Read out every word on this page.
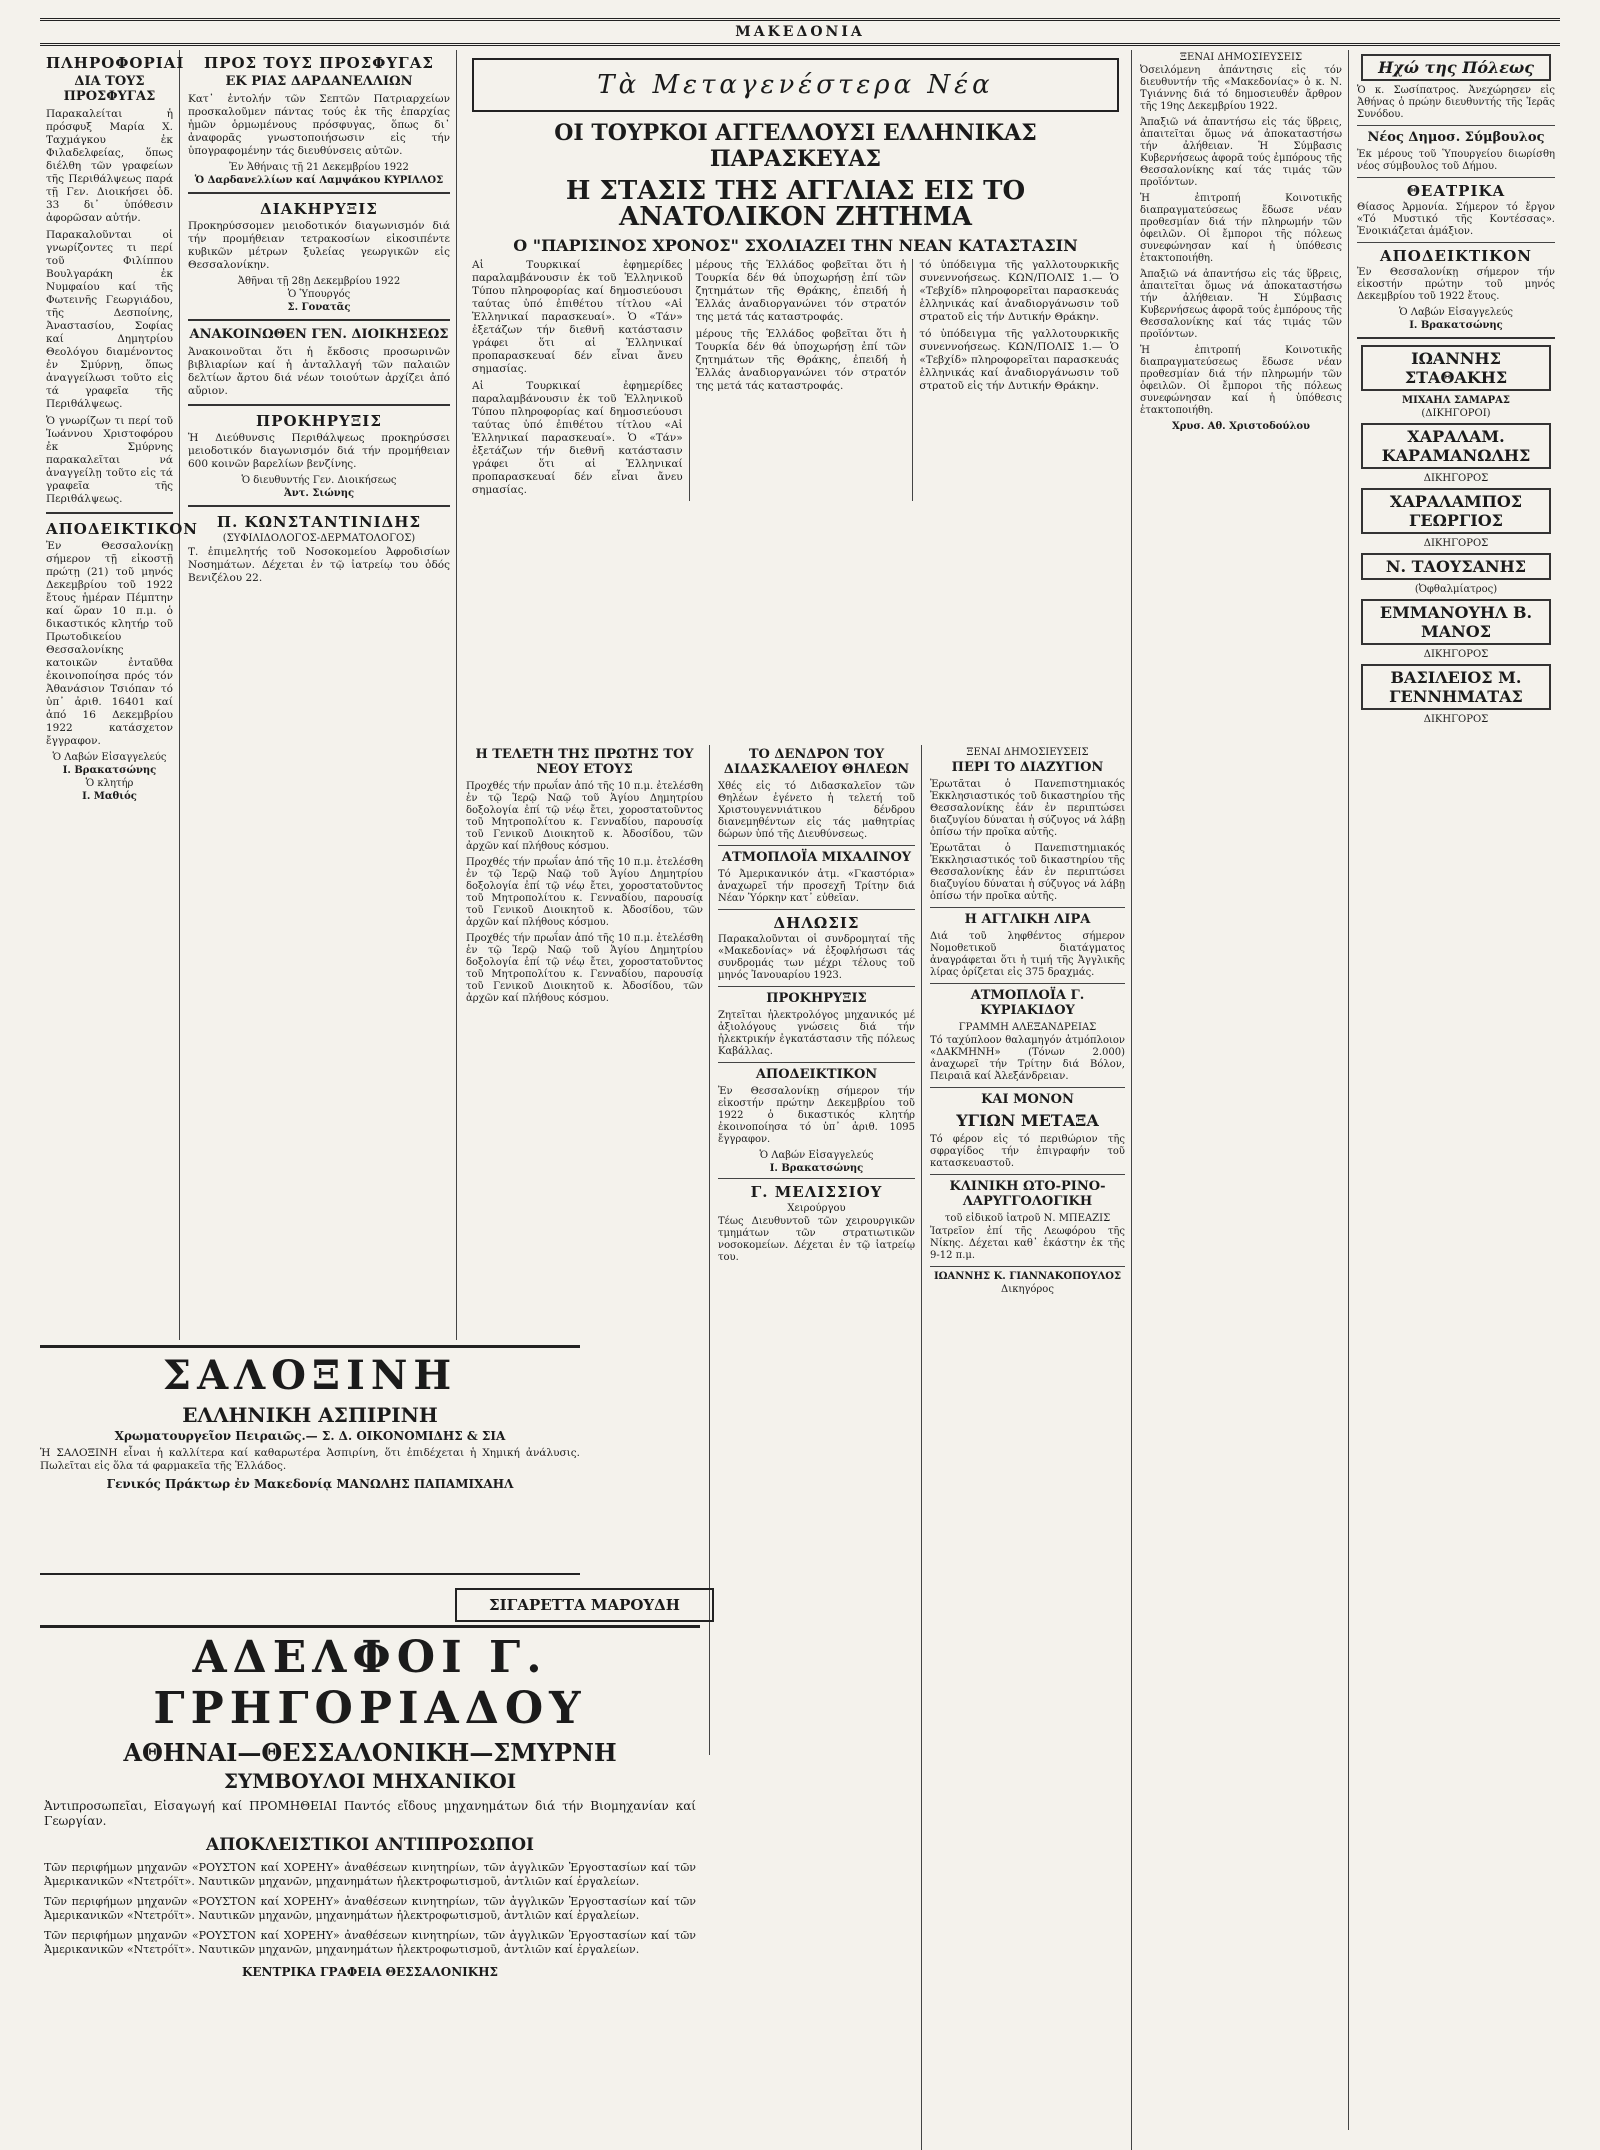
ΜΑΚΕΔΟΝΙΑ
ΠΛΗΡΟΦΟΡΙΑΙ
ΔΙΑ ΤΟΥΣ ΠΡΟΣΦΥΓΑΣ

Παρακαλείται ἡ πρόσφυξ Μαρία Χ. Ταχμάγκου ἐκ Φιλαδελφείας, ὅπως διέλθη τῶν γραφείων τῆς Περιθάλψεως παρά τῇ Γεν. Διοικήσει ὁδ. 33 δι᾽ ὑπόθεσιν ἀφορῶσαν αὐτήν.

Παρακαλοῦνται οἱ γνωρίζοντες τι περί τοῦ Φιλίππου Βουλγαράκη ἐκ Νυμφαίου καί τῆς Φωτεινῆς Γεωργιάδου, τῆς Δεσποίνης, Ἀναστασίου, Σοφίας καί Δημητρίου Θεολόγου διαμένοντος ἐν Σμύρνῃ, ὅπως ἀναγγείλωσι τοῦτο εἰς τά γραφεῖα τῆς Περιθάλψεως.

Ὁ γνωρίζων τι περί τοῦ Ἰωάννου Χριστοφόρου ἐκ Σμύρνης παρακαλεῖται νά ἀναγγείλῃ τοῦτο εἰς τά γραφεῖα τῆς Περιθάλψεως.

ΑΠΟΔΕΙΚΤΙΚΟΝ

Ἐν Θεσσαλονίκῃ σήμερον τῇ εἰκοστῇ πρώτῃ (21) τοῦ μηνός Δεκεμβρίου τοῦ 1922 ἔτους ἡμέραν Πέμπτην καί ὥραν 10 π.μ. ὁ δικαστικός κλητήρ τοῦ Πρωτοδικείου Θεσσαλονίκης κατοικῶν ἐνταῦθα ἐκοινοποίησα πρός τόν Ἀθανάσιον Τσιόπαν τό ὑπ᾽ ἀριθ. 16401 καί ἀπό 16 Δεκεμβρίου 1922 κατάσχετον ἔγγραφον.

Ὁ Λαβών Εἰσαγγελεύς
Ι. Βρακατσώνης
Ὁ κλητήρ
Ι. Μαθιός
ΠΡΟΣ ΤΟΥΣ ΠΡΟΣΦΥΓΑΣ
ΕΚ ΡΙΑΣ ΔΑΡΔΑΝΕΛΛΙΩΝ

Κατ᾽ ἐντολήν τῶν Σεπτῶν Πατριαρχείων προσκαλοῦμεν πάντας τούς ἐκ τῆς ἐπαρχίας ἡμῶν ὁρμωμένους πρόσφυγας, ὅπως δι᾽ ἀναφορᾶς γνωστοποιήσωσιν εἰς τήν ὑπογραφομένην τάς διευθύνσεις αὐτῶν.

Ἐν Ἀθήναις τῇ 21 Δεκεμβρίου 1922
Ὁ Δαρδανελλίων καί Λαμψάκου ΚΥΡΙΛΛΟΣ
ΔΙΑΚΗΡΥΞΙΣ

Προκηρύσσομεν μειοδοτικόν διαγωνισμόν διά τήν προμήθειαν τετρακοσίων εἰκοσιπέντε κυβικῶν μέτρων ξυλείας γεωργικῶν εἰς Θεσσαλονίκην.

Ἀθῆναι τῇ 28ῃ Δεκεμβρίου 1922
Ὁ Ὑπουργός
Σ. Γονατᾶς
ΑΝΑΚΟΙΝΩΘΕΝ ΓΕΝ. ΔΙΟΙΚΗΣΕΩΣ

Ἀνακοινοῦται ὅτι ἡ ἔκδοσις προσωρινῶν βιβλιαρίων καί ἡ ἀνταλλαγή τῶν παλαιῶν δελτίων ἄρτου διά νέων τοιούτων ἀρχίζει ἀπό αὔριον.

ΠΡΟΚΗΡΥΞΙΣ

Ἡ Διεύθυνσις Περιθάλψεως προκηρύσσει μειοδοτικόν διαγωνισμόν διά τήν προμήθειαν 600 κοινῶν βαρελίων βενζίνης.

Ὁ διευθυντής Γεν. Διοικήσεως
Ἀντ. Σιώνης
Π. ΚΩΝΣΤΑΝΤΙΝΙΔΗΣ
(ΣΥΦΙΛΙΔΟΛΟΓΟΣ-ΔΕΡΜΑΤΟΛΟΓΟΣ)

Τ. ἐπιμελητής τοῦ Νοσοκομείου Ἀφροδισίων Νοσημάτων. Δέχεται ἐν τῷ ἰατρείῳ του ὁδός Βενιζέλου 22.

Τὰ Μεταγενέστερα Νέα
ΟΙ ΤΟΥΡΚΟΙ ΑΓΓΕΛΛΟΥΣΙ ΕΛΛΗΝΙΚΑΣ ΠΑΡΑΣΚΕΥΑΣ
Η ΣΤΑΣΙΣ ΤΗΣ ΑΓΓΛΙΑΣ ΕΙΣ ΤΟ ΑΝΑΤΟΛΙΚΟΝ ΖΗΤΗΜΑ
Ο "ΠΑΡΙΣΙΝΟΣ ΧΡΟΝΟΣ" ΣΧΟΛΙΑΖΕΙ ΤΗΝ ΝΕΑΝ ΚΑΤΑΣΤΑΣΙΝ

Αἱ Τουρκικαί ἐφημερίδες παραλαμβάνουσιν ἐκ τοῦ Ἑλληνικοῦ Τύπου πληροφορίας καί δημοσιεύουσι ταύτας ὑπό ἐπιθέτου τίτλου «Αἱ Ἑλληνικαί παρασκευαί». Ὁ «Τάν» ἐξετάζων τήν διεθνῆ κατάστασιν γράφει ὅτι αἱ Ἑλληνικαί προπαρασκευαί δέν εἶναι ἄνευ σημασίας.

Αἱ Τουρκικαί ἐφημερίδες παραλαμβάνουσιν ἐκ τοῦ Ἑλληνικοῦ Τύπου πληροφορίας καί δημοσιεύουσι ταύτας ὑπό ἐπιθέτου τίτλου «Αἱ Ἑλληνικαί παρασκευαί». Ὁ «Τάν» ἐξετάζων τήν διεθνῆ κατάστασιν γράφει ὅτι αἱ Ἑλληνικαί προπαρασκευαί δέν εἶναι ἄνευ σημασίας.

μέρους τῆς Ἑλλάδος φοβεῖται ὅτι ἡ Τουρκία δέν θά ὑποχωρήσῃ ἐπί τῶν ζητημάτων τῆς Θράκης, ἐπειδή ἡ Ἑλλάς ἀναδιοργανώνει τόν στρατόν της μετά τάς καταστροφάς.

μέρους τῆς Ἑλλάδος φοβεῖται ὅτι ἡ Τουρκία δέν θά ὑποχωρήσῃ ἐπί τῶν ζητημάτων τῆς Θράκης, ἐπειδή ἡ Ἑλλάς ἀναδιοργανώνει τόν στρατόν της μετά τάς καταστροφάς.

τό ὑπόδειγμα τῆς γαλλοτουρκικῆς συνεννοήσεως. ΚΩΝ/ΠΟΛΙΣ 1.— Ὁ «Τεβχίδ» πληροφορεῖται παρασκευάς ἑλληνικάς καί ἀναδιοργάνωσιν τοῦ στρατοῦ εἰς τήν Δυτικήν Θράκην.

τό ὑπόδειγμα τῆς γαλλοτουρκικῆς συνεννοήσεως. ΚΩΝ/ΠΟΛΙΣ 1.— Ὁ «Τεβχίδ» πληροφορεῖται παρασκευάς ἑλληνικάς καί ἀναδιοργάνωσιν τοῦ στρατοῦ εἰς τήν Δυτικήν Θράκην.

Η ΤΕΛΕΤΗ ΤΗΣ ΠΡΩΤΗΣ ΤΟΥ ΝΕΟΥ ΕΤΟΥΣ

Προχθές τήν πρωΐαν ἀπό τῆς 10 π.μ. ἐτελέσθη ἐν τῷ Ἱερῷ Ναῷ τοῦ Ἁγίου Δημητρίου δοξολογία ἐπί τῷ νέῳ ἔτει, χοροστατοῦντος τοῦ Μητροπολίτου κ. Γενναδίου, παρουσίᾳ τοῦ Γενικοῦ Διοικητοῦ κ. Ἀδοσίδου, τῶν ἀρχῶν καί πλήθους κόσμου.

Προχθές τήν πρωΐαν ἀπό τῆς 10 π.μ. ἐτελέσθη ἐν τῷ Ἱερῷ Ναῷ τοῦ Ἁγίου Δημητρίου δοξολογία ἐπί τῷ νέῳ ἔτει, χοροστατοῦντος τοῦ Μητροπολίτου κ. Γενναδίου, παρουσίᾳ τοῦ Γενικοῦ Διοικητοῦ κ. Ἀδοσίδου, τῶν ἀρχῶν καί πλήθους κόσμου.

Προχθές τήν πρωΐαν ἀπό τῆς 10 π.μ. ἐτελέσθη ἐν τῷ Ἱερῷ Ναῷ τοῦ Ἁγίου Δημητρίου δοξολογία ἐπί τῷ νέῳ ἔτει, χοροστατοῦντος τοῦ Μητροπολίτου κ. Γενναδίου, παρουσίᾳ τοῦ Γενικοῦ Διοικητοῦ κ. Ἀδοσίδου, τῶν ἀρχῶν καί πλήθους κόσμου.

ΤΟ ΔΕΝΔΡΟΝ ΤΟΥ ΔΙΔΑΣΚΑΛΕΙΟΥ ΘΗΛΕΩΝ

Χθές εἰς τό Διδασκαλεῖον τῶν Θηλέων ἐγένετο ἡ τελετή τοῦ Χριστουγεννιάτικου δένδρου διανεμηθέντων εἰς τάς μαθητρίας δώρων ὑπό τῆς Διευθύνσεως.

ΑΤΜΟΠΛΟΪΑ ΜΙΧΑΛΙΝΟΥ

Τό Ἀμερικανικόν ἀτμ. «Γκαστόρια» ἀναχωρεῖ τήν προσεχῆ Τρίτην διά Νέαν Ὑόρκην κατ᾽ εὐθεῖαν.

ΔΗΛΩΣΙΣ

Παρακαλοῦνται οἱ συνδρομηταί τῆς «Μακεδονίας» νά ἐξοφλήσωσι τάς συνδρομάς των μέχρι τέλους τοῦ μηνός Ἰανουαρίου 1923.

ΠΡΟΚΗΡΥΞΙΣ

Ζητεῖται ἠλεκτρολόγος μηχανικός μέ ἀξιολόγους γνώσεις διά τήν ἠλεκτρικήν ἐγκατάστασιν τῆς πόλεως Καβάλλας.

ΑΠΟΔΕΙΚΤΙΚΟΝ

Ἐν Θεσσαλονίκῃ σήμερον τήν εἰκοστήν πρώτην Δεκεμβρίου τοῦ 1922 ὁ δικαστικός κλητήρ ἐκοινοποίησα τό ὑπ᾽ ἀριθ. 1095 ἔγγραφον.

Ὁ Λαβών Εἰσαγγελεύς
Ι. Βρακατσώνης
Γ. ΜΕΛΙΣΣΙΟΥ
Χειρούργου

Τέως Διευθυντοῦ τῶν χειρουργικῶν τμημάτων τῶν στρατιωτικῶν νοσοκομείων. Δέχεται ἐν τῷ ἰατρείῳ του.

ΞΕΝΑΙ ΔΗΜΟΣΙΕΥΣΕΙΣ
ΠΕΡΙ ΤΟ ΔΙΑΖΥΓΙΟΝ

Ἐρωτᾶται ὁ Πανεπιστημιακός Ἐκκλησιαστικός τοῦ δικαστηρίου τῆς Θεσσαλονίκης ἐάν ἐν περιπτώσει διαζυγίου δύναται ἡ σύζυγος νά λάβῃ ὀπίσω τήν προῖκα αὐτῆς.

Ἐρωτᾶται ὁ Πανεπιστημιακός Ἐκκλησιαστικός τοῦ δικαστηρίου τῆς Θεσσαλονίκης ἐάν ἐν περιπτώσει διαζυγίου δύναται ἡ σύζυγος νά λάβῃ ὀπίσω τήν προῖκα αὐτῆς.

Η ΑΓΓΛΙΚΗ ΛΙΡΑ

Διά τοῦ ληφθέντος σήμερον Νομοθετικοῦ διατάγματος ἀναγράφεται ὅτι ἡ τιμή τῆς Ἀγγλικῆς λίρας ὁρίζεται εἰς 375 δραχμάς.

ΑΤΜΟΠΛΟΪΑ Γ. ΚΥΡΙΑΚΙΔΟΥ
ΓΡΑΜΜΗ ΑΛΕΞΑΝΔΡΕΙΑΣ

Τό ταχύπλοον θαλαμηγόν ἀτμόπλοιον «ΔΑΚΜΗΝΗ» (Τόνων 2.000) ἀναχωρεῖ τήν Τρίτην διά Βόλον, Πειραιᾶ καί Ἀλεξάνδρειαν.

ΚΑΙ ΜΟΝΟΝ
ΥΓΙΩΝ ΜΕΤΑΞΑ

Τό φέρον εἰς τό περιθώριον τῆς σφραγίδος τήν ἐπιγραφήν τοῦ κατασκευαστοῦ.

ΚΛΙΝΙΚΗ ΩΤΟ-ΡΙΝΟ-ΛΑΡΥΓΓΟΛΟΓΙΚΗ
τοῦ εἰδικοῦ ἰατροῦ Ν. ΜΠΕΑΖΙΣ

Ἰατρεῖον ἐπί τῆς Λεωφόρου τῆς Νίκης. Δέχεται καθ᾽ ἑκάστην ἐκ τῆς 9-12 π.μ.

ΙΩΑΝΝΗΣ Κ. ΓΙΑΝΝΑΚΟΠΟΥΛΟΣ
Δικηγόρος
ΞΕΝΑΙ ΔΗΜΟΣΙΕΥΣΕΙΣ

Ὀσειλόμενη ἀπάντησις εἰς τόν διευθυντήν τῆς «Μακεδονίας» ὁ κ. Ν. Τγιάννης διά τό δημοσιευθέν ἄρθρον τῆς 19ης Δεκεμβρίου 1922.

Ἀπαξιῶ νά ἀπαντήσω εἰς τάς ὕβρεις, ἀπαιτεῖται ὅμως νά ἀποκαταστήσω τήν ἀλήθειαν. Ἡ Σύμβασις Κυβερνήσεως ἀφορᾶ τούς ἐμπόρους τῆς Θεσσαλονίκης καί τάς τιμάς τῶν προϊόντων.

Ἡ ἐπιτροπή Κοινοτικῆς διαπραγματεύσεως ἔδωσε νέαν προθεσμίαν διά τήν πληρωμήν τῶν ὀφειλῶν. Οἱ ἔμποροι τῆς πόλεως συνεφώνησαν καί ἡ ὑπόθεσις ἐτακτοποιήθη.

Ἀπαξιῶ νά ἀπαντήσω εἰς τάς ὕβρεις, ἀπαιτεῖται ὅμως νά ἀποκαταστήσω τήν ἀλήθειαν. Ἡ Σύμβασις Κυβερνήσεως ἀφορᾶ τούς ἐμπόρους τῆς Θεσσαλονίκης καί τάς τιμάς τῶν προϊόντων.

Ἡ ἐπιτροπή Κοινοτικῆς διαπραγματεύσεως ἔδωσε νέαν προθεσμίαν διά τήν πληρωμήν τῶν ὀφειλῶν. Οἱ ἔμποροι τῆς πόλεως συνεφώνησαν καί ἡ ὑπόθεσις ἐτακτοποιήθη.

Χρυσ. Αθ. Χριστοδούλου
Ηχώ της Πόλεως

Ὁ κ. Σωσίπατρος. Ἀνεχώρησεν εἰς Ἀθήνας ὁ πρώην διευθυντής τῆς Ἱερᾶς Συνόδου.

Νέος Δημοσ. Σύμβουλος

Ἐκ μέρους τοῦ Ὑπουργείου διωρίσθη νέος σύμβουλος τοῦ Δήμου.

ΘΕΑΤΡΙΚΑ

Θίασος Ἀρμονία. Σήμερον τό ἔργον «Τό Μυστικό τῆς Κοντέσσας». Ἐνοικιάζεται ἀμάξιον.

ΑΠΟΔΕΙΚΤΙΚΟΝ

Ἐν Θεσσαλονίκῃ σήμερον τήν εἰκοστήν πρώτην τοῦ μηνός Δεκεμβρίου τοῦ 1922 ἔτους.

Ὁ Λαβών Εἰσαγγελεύς
Ι. Βρακατσώνης
ΙΩΑΝΝΗΣ ΣΤΑΘΑΚΗΣ
ΜΙΧΑΗΛ ΣΑΜΑΡΑΣ
(ΔΙΚΗΓΟΡΟΙ)
ΧΑΡΑΛΑΜ. ΚΑΡΑΜΑΝΩΛΗΣ
ΔΙΚΗΓΟΡΟΣ
ΧΑΡΑΛΑΜΠΟΣ ΓΕΩΡΓΙΟΣ
ΔΙΚΗΓΟΡΟΣ
Ν. ΤΑΟΥΣΑΝΗΣ
(Ὀφθαλμίατρος)
ΕΜΜΑΝΟΥΗΛ Β. ΜΑΝΟΣ
ΔΙΚΗΓΟΡΟΣ
ΒΑΣΙΛΕΙΟΣ Μ. ΓΕΝΝΗΜΑΤΑΣ
ΔΙΚΗΓΟΡΟΣ
ΣΑΛΟΞΙΝΗ
ΕΛΛΗΝΙΚΗ ΑΣΠΙΡΙΝΗ
Χρωματουργεῖον Πειραιῶς.— Σ. Δ. ΟΙΚΟΝΟΜΙΔΗΣ & ΣΙΑ

Ἡ ΣΑΛΟΞΙΝΗ εἶναι ἡ καλλίτερα καί καθαρωτέρα Ἀσπιρίνη, ὅτι ἐπιδέχεται ἡ Χημική ἀνάλυσις. Πωλεῖται εἰς ὅλα τά φαρμακεῖα τῆς Ἑλλάδος.

Γενικός Πράκτωρ ἐν Μακεδονίᾳ ΜΑΝΩΛΗΣ ΠΑΠΑΜΙΧΑΗΛ
ΣΙΓΑΡΕΤΤΑ ΜΑΡΟΥΔΗ
ΑΔΕΛΦΟΙ Γ. ΓΡΗΓΟΡΙΑΔΟΥ
ΑΘΗΝΑΙ—ΘΕΣΣΑΛΟΝΙΚΗ—ΣΜΥΡΝΗ
ΣΥΜΒΟΥΛΟΙ ΜΗΧΑΝΙΚΟΙ

Ἀντιπροσωπεῖαι, Εἰσαγωγή καί ΠΡΟΜΗΘΕΙΑΙ Παντός εἴδους μηχανημάτων διά τήν Βιομηχανίαν καί Γεωργίαν.

ΑΠΟΚΛΕΙΣΤΙΚΟΙ ΑΝΤΙΠΡΟΣΩΠΟΙ

Τῶν περιφήμων μηχανῶν «ΡΟΥΣΤΟΝ καί ΧΟΡΕΗΥ» ἀναθέσεων κινητηρίων, τῶν ἀγγλικῶν Ἐργοστασίων καί τῶν Ἀμερικανικῶν «Ντετρόϊτ». Ναυτικῶν μηχανῶν, μηχανημάτων ἠλεκτροφωτισμοῦ, ἀντλιῶν καί ἐργαλείων.

Τῶν περιφήμων μηχανῶν «ΡΟΥΣΤΟΝ καί ΧΟΡΕΗΥ» ἀναθέσεων κινητηρίων, τῶν ἀγγλικῶν Ἐργοστασίων καί τῶν Ἀμερικανικῶν «Ντετρόϊτ». Ναυτικῶν μηχανῶν, μηχανημάτων ἠλεκτροφωτισμοῦ, ἀντλιῶν καί ἐργαλείων.

Τῶν περιφήμων μηχανῶν «ΡΟΥΣΤΟΝ καί ΧΟΡΕΗΥ» ἀναθέσεων κινητηρίων, τῶν ἀγγλικῶν Ἐργοστασίων καί τῶν Ἀμερικανικῶν «Ντετρόϊτ». Ναυτικῶν μηχανῶν, μηχανημάτων ἠλεκτροφωτισμοῦ, ἀντλιῶν καί ἐργαλείων.

ΚΕΝΤΡΙΚΑ ΓΡΑΦΕΙΑ ΘΕΣΣΑΛΟΝΙΚΗΣ
